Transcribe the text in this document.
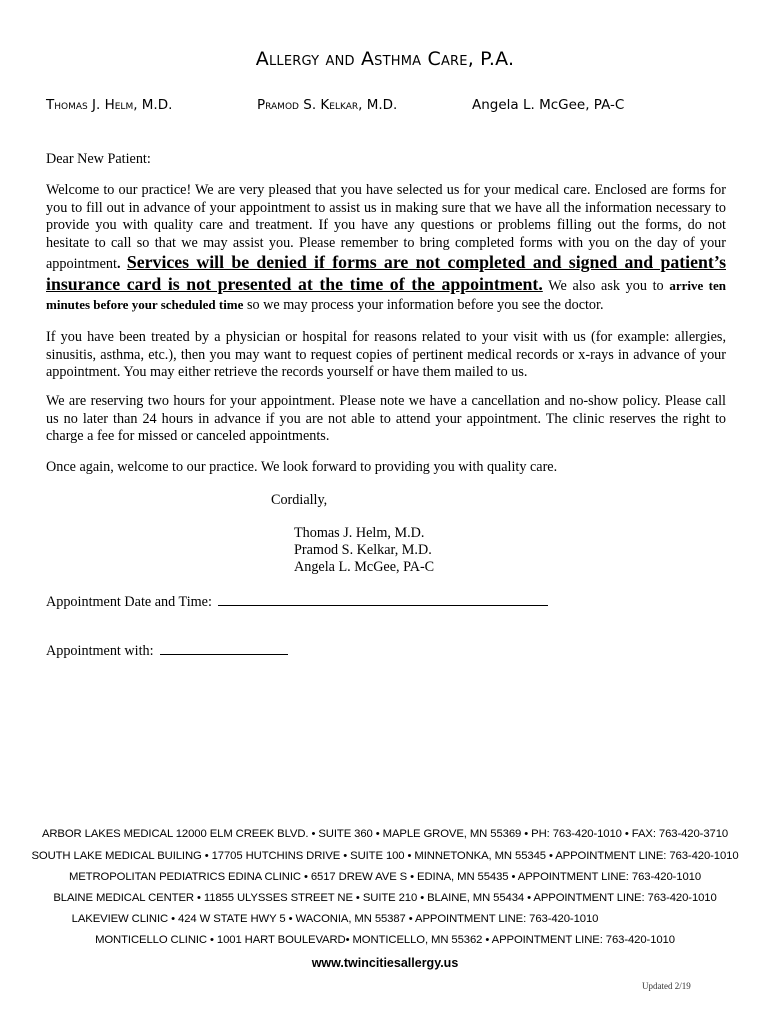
Allergy and Asthma Care, P.A.
Thomas J. Helm, M.D.	Pramod S. Kelkar, M.D.	Angela L. McGee, PA-C
Dear New Patient:
Welcome to our practice! We are very pleased that you have selected us for your medical care. Enclosed are forms for you to fill out in advance of your appointment to assist us in making sure that we have all the information necessary to provide you with quality care and treatment. If you have any questions or problems filling out the forms, do not hesitate to call so that we may assist you. Please remember to bring completed forms with you on the day of your appointment. Services will be denied if forms are not completed and signed and patient’s insurance card is not presented at the time of the appointment. We also ask you to arrive ten minutes before your scheduled time so we may process your information before you see the doctor.
If you have been treated by a physician or hospital for reasons related to your visit with us (for example: allergies, sinusitis, asthma, etc.), then you may want to request copies of pertinent medical records or x-rays in advance of your appointment. You may either retrieve the records yourself or have them mailed to us.
We are reserving two hours for your appointment. Please note we have a cancellation and no-show policy. Please call us no later than 24 hours in advance if you are not able to attend your appointment. The clinic reserves the right to charge a fee for missed or canceled appointments.
Once again, welcome to our practice. We look forward to providing you with quality care.
Cordially,
Thomas J. Helm, M.D.
Pramod S. Kelkar, M.D.
Angela L. McGee, PA-C
Appointment Date and Time:
Appointment with:
ARBOR LAKES MEDICAL 12000 ELM CREEK BLVD. • SUITE 360 • MAPLE GROVE, MN 55369 • PH: 763-420-1010 • FAX: 763-420-3710
SOUTH LAKE MEDICAL BUILING • 17705 HUTCHINS DRIVE • SUITE 100 • MINNETONKA, MN 55345 • APPOINTMENT LINE: 763-420-1010
METROPOLITAN PEDIATRICS EDINA CLINIC • 6517 DREW AVE S • EDINA, MN 55435 • APPOINTMENT LINE: 763-420-1010
BLAINE MEDICAL CENTER • 11855 ULYSSES STREET NE • SUITE 210 • BLAINE, MN 55434 • APPOINTMENT LINE: 763-420-1010
LAKEVIEW CLINIC • 424 W STATE HWY 5 • WACONIA, MN 55387 • APPOINTMENT LINE: 763-420-1010
MONTICELLO CLINIC • 1001 HART BOULEVARD• MONTICELLO, MN 55362 • APPOINTMENT LINE: 763-420-1010
www.twincitiesallergy.us
Updated 2/19
